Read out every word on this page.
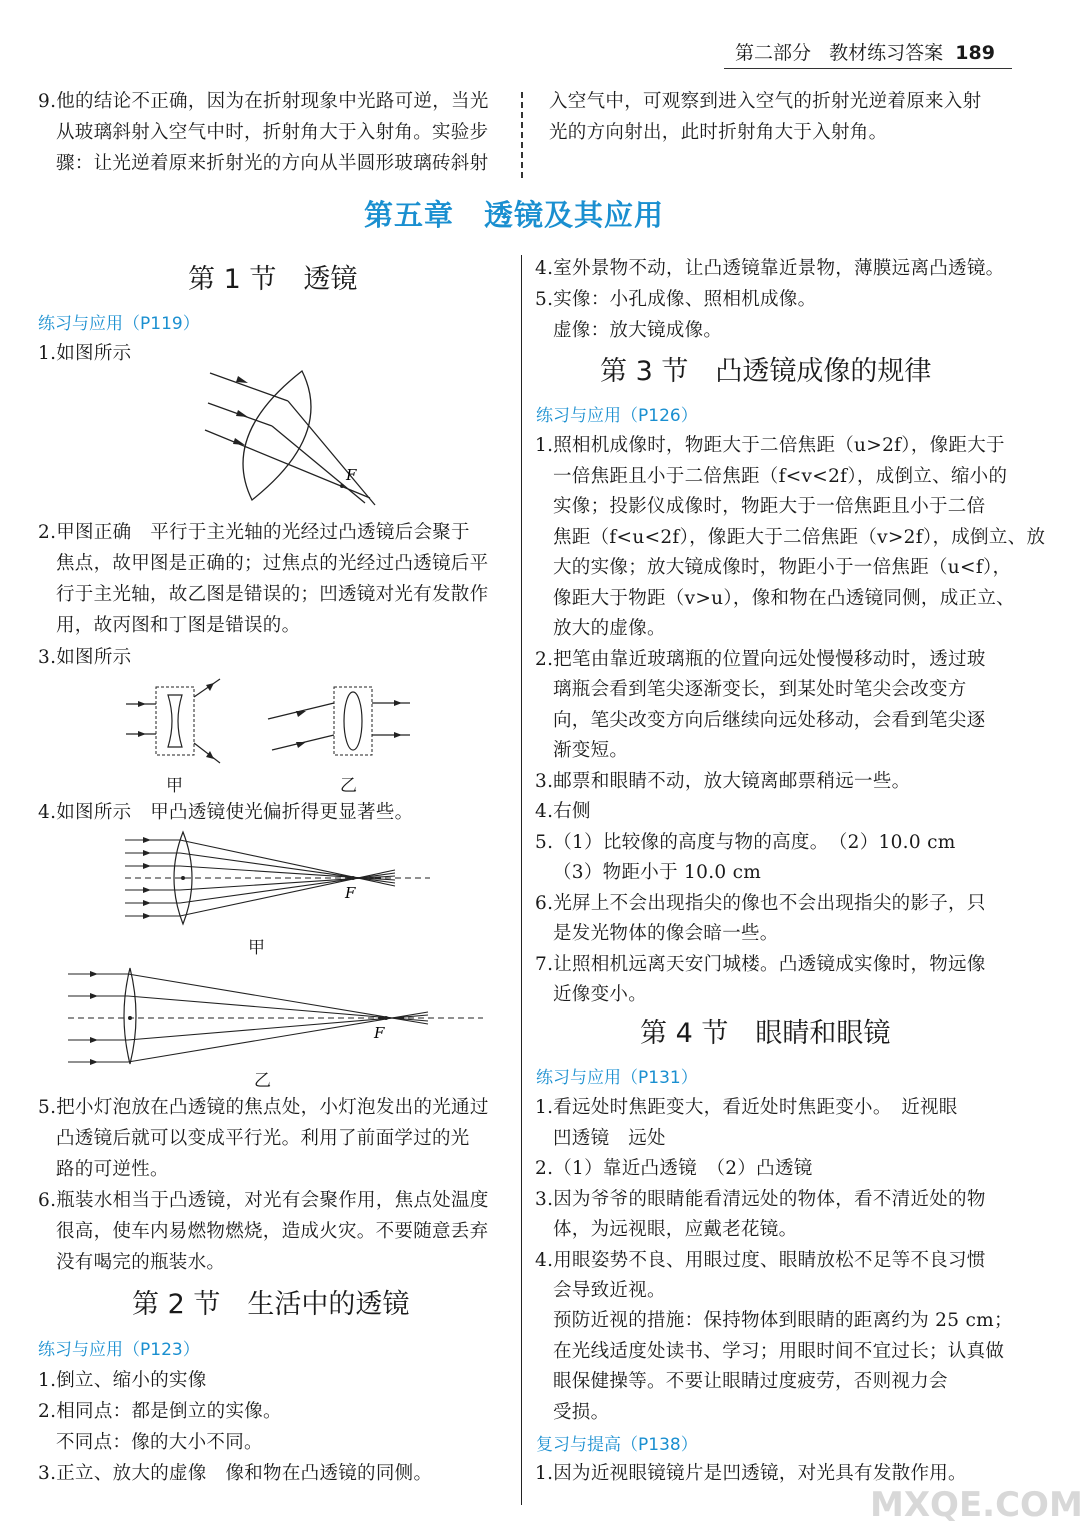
第二部分 教材练习答案 189
9.他的结论不正确，因为在折射现象中光路可逆，当光
从玻璃斜射入空气中时，折射角大于入射角。实验步
骤：让光逆着原来折射光的方向从半圆形玻璃砖斜射
入空气中，可观察到进入空气的折射光逆着原来入射
光的方向射出，此时折射角大于入射角。
第五章　透镜及其应用
第 1 节　透镜
练习与应用（P119）
1.如图所示
F
2.甲图正确　平行于主光轴的光经过凸透镜后会聚于
焦点，故甲图是正确的；过焦点的光经过凸透镜后平
行于主光轴，故乙图是错误的；凹透镜对光有发散作
用，故丙图和丁图是错误的。
3.如图所示
甲	乙
4.如图所示　甲凸透镜使光偏折得更显著些。
F
甲
F
乙
5.把小灯泡放在凸透镜的焦点处，小灯泡发出的光通过
凸透镜后就可以变成平行光。利用了前面学过的光
路的可逆性。
6.瓶装水相当于凸透镜，对光有会聚作用，焦点处温度
很高，使车内易燃物燃烧，造成火灾。不要随意丢弃
没有喝完的瓶装水。
第 2 节　生活中的透镜
练习与应用（P123）
1.倒立、缩小的实像
2.相同点：都是倒立的实像。
不同点：像的大小不同。
3.正立、放大的虚像　像和物在凸透镜的同侧。
4.室外景物不动，让凸透镜靠近景物，薄膜远离凸透镜。
5.实像：小孔成像、照相机成像。
虚像：放大镜成像。
第 3 节　凸透镜成像的规律
练习与应用（P126）
1.照相机成像时，物距大于二倍焦距（u>2f），像距大于
一倍焦距且小于二倍焦距（f<v<2f），成倒立、缩小的
实像；投影仪成像时，物距大于一倍焦距且小于二倍
焦距（f<u<2f），像距大于二倍焦距（v>2f），成倒立、放
大的实像；放大镜成像时，物距小于一倍焦距（u<f），
像距大于物距（v>u），像和物在凸透镜同侧，成正立、
放大的虚像。
2.把笔由靠近玻璃瓶的位置向远处慢慢移动时，透过玻
璃瓶会看到笔尖逐渐变长，到某处时笔尖会改变方
向，笔尖改变方向后继续向远处移动，会看到笔尖逐
渐变短。
3.邮票和眼睛不动，放大镜离邮票稍远一些。
4.右侧
5.（1）比较像的高度与物的高度。　（2）10.0 cm
（3）物距小于 10.0 cm
6.光屏上不会出现指尖的像也不会出现指尖的影子，只
是发光物体的像会暗一些。
7.让照相机远离天安门城楼。凸透镜成实像时，物远像
近像变小。
第 4 节　眼睛和眼镜
练习与应用（P131）
1.看远处时焦距变大，看近处时焦距变小。　近视眼
凹透镜　远处
2.（1）靠近凸透镜　（2）凸透镜
3.因为爷爷的眼睛能看清远处的物体，看不清近处的物
体，为远视眼，应戴老花镜。
4.用眼姿势不良、用眼过度、眼睛放松不足等不良习惯
会导致近视。
预防近视的措施：保持物体到眼睛的距离约为 25 cm；
在光线适度处读书、学习；用眼时间不宜过长；认真做
眼保健操等。不要让眼睛过度疲劳，否则视力会
受损。
复习与提高（P138）
1.因为近视眼镜镜片是凹透镜，对光具有发散作用。
MXQE.COM
